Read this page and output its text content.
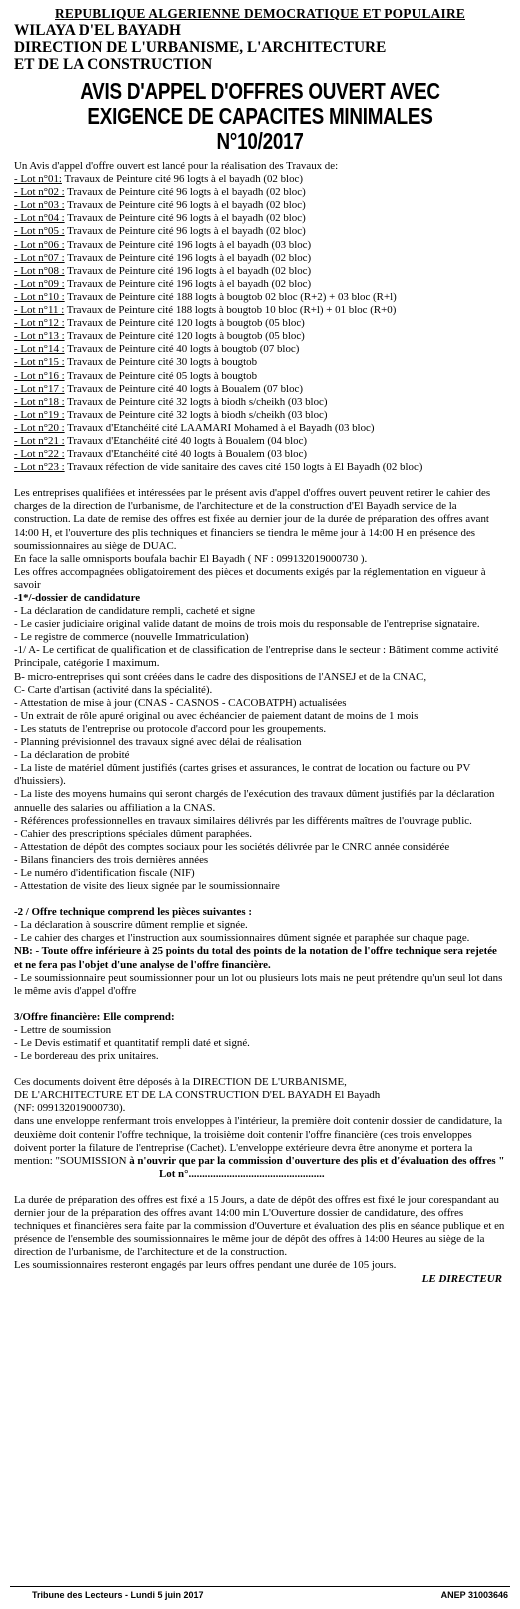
REPUBLIQUE ALGERIENNE DEMOCRATIQUE ET POPULAIRE
WILAYA D'EL BAYADH
DIRECTION DE L'URBANISME, L'ARCHITECTURE
ET DE LA CONSTRUCTION
AVIS D'APPEL D'OFFRES OUVERT AVEC
EXIGENCE DE CAPACITES MINIMALES
N°10/2017

Un Avis d'appel d'offre ouvert est lancé pour la réalisation des Travaux de:

- Lot n°01: Travaux de Peinture cité 96 logts à el bayadh (02 bloc)
- Lot n°02 : Travaux de Peinture cité 96 logts à el bayadh (02 bloc)
- Lot n°03 : Travaux de Peinture cité 96 logts à el bayadh (02 bloc)
- Lot n°04 : Travaux de Peinture cité 96 logts à el bayadh (02 bloc)
- Lot n°05 : Travaux de Peinture cité 96 logts à el bayadh (02 bloc)
- Lot n°06 : Travaux de Peinture cité 196 logts à el bayadh (03 bloc)
- Lot n°07 : Travaux de Peinture cité 196 logts à el bayadh (02 bloc)
- Lot n°08 : Travaux de Peinture cité 196 logts à el bayadh (02 bloc)
- Lot n°09 : Travaux de Peinture cité 196 logts à el bayadh (02 bloc)
- Lot n°10 : Travaux de Peinture cité 188 logts à bougtob 02 bloc (R+2) + 03 bloc (R+l)
- Lot n°11 : Travaux de Peinture cité 188 logts à bougtob 10 bloc (R+l) + 01 bloc (R+0)
- Lot n°12 : Travaux de Peinture cité 120 logts à bougtob (05 bloc)
- Lot n°13 : Travaux de Peinture cité 120 logts à bougtob (05 bloc)
- Lot n°14 : Travaux de Peinture cité 40 logts à bougtob (07 bloc)
- Lot n°15 : Travaux de Peinture cité 30 logts à bougtob
- Lot n°16 : Travaux de Peinture cité 05 logts à bougtob
- Lot n°17 : Travaux de Peinture cité 40 logts à Boualem (07 bloc)
- Lot n°18 : Travaux de Peinture cité 32 logts à biodh s/cheikh (03 bloc)
- Lot n°19 : Travaux de Peinture cité 32 logts à biodh s/cheikh (03 bloc)
- Lot n°20 : Travaux d'Etanchéité cité LAAMARI Mohamed à el Bayadh (03 bloc)
- Lot n°21 : Travaux d'Etanchéité cité 40 logts à Boualem (04 bloc)
- Lot n°22 : Travaux d'Etanchéité cité 40 logts à Boualem (03 bloc)
- Lot n°23 : Travaux réfection de vide sanitaire des caves cité 150 logts à El Bayadh (02 bloc)

Les entreprises qualifiées et intéressées par le présent avis d'appel d'offres ouvert peuvent retirer le cahier des charges de la direction de l'urbanisme, de l'architecture et de la construction d'El Bayadh service de la construction. La date de remise des offres est fixée au dernier jour de la durée de préparation des offres avant 14:00 H, et l'ouverture des plis techniques et financiers se tiendra le même jour à 14:00 H en présence des soumissionnaires au siège de DUAC.

En face la salle omnisports boufala bachir El Bayadh ( NF : 099132019000730 ).

Les offres accompagnées obligatoirement des pièces et documents exigés par la réglementation en vigueur à savoir

-1*/-dossier de candidature

- La déclaration de candidature rempli, cacheté et signe

- Le casier judiciaire original valide datant de moins de trois mois du responsable de l'entreprise signataire.

- Le registre de commerce (nouvelle Immatriculation)

-1/ A- Le certificat de qualification et de classification de l'entreprise dans le secteur : Bâtiment comme activité Principale, catégorie I maximum.

B- micro-entreprises qui sont créées dans le cadre des dispositions de l'ANSEJ et de la CNAC,

C- Carte d'artisan (activité dans la spécialité).

- Attestation de mise à jour (CNAS - CASNOS - CACOBATPH) actualisées

- Un extrait de rôle apuré original ou avec échéancier de paiement datant de moins de 1 mois

- Les statuts de l'entreprise ou protocole d'accord pour les groupements.

- Planning prévisionnel des travaux signé avec délai de réalisation

- La déclaration de probité

- La liste de matériel dûment justifiés (cartes grises et assurances, le contrat de location ou facture ou PV d'huissiers).

- La liste des moyens humains qui seront chargés de l'exécution des travaux dûment justifiés par la déclaration annuelle des salaries ou affiliation a la CNAS.

- Références professionnelles en travaux similaires délivrés par les différents maîtres de l'ouvrage public.

- Cahier des prescriptions spéciales dûment paraphées.

- Attestation de dépôt des comptes sociaux pour les sociétés délivrée par le CNRC année considérée

- Bilans financiers des trois dernières années

- Le numéro d'identification fiscale (NIF)

- Attestation de visite des lieux signée par le soumissionnaire

-2 / Offre technique comprend les pièces suivantes :

- La déclaration à souscrire dûment remplie et signée.

- Le cahier des charges et l'instruction aux soumissionnaires dûment signée et paraphée sur chaque page.

NB: - Toute offre inférieure à 25 points du total des points de la notation de l'offre technique sera rejetée et ne fera pas l'objet d'une analyse de l'offre financière.

- Le soumissionnaire peut soumissionner pour un lot ou plusieurs lots mais ne peut prétendre qu'un seul lot dans le même avis d'appel d'offre

3/Offre financière: Elle comprend:

- Lettre de soumission

- Le Devis estimatif et quantitatif rempli daté et signé.

- Le bordereau des prix unitaires.

Ces documents doivent être déposés à la DIRECTION DE L'URBANISME,

DE L'ARCHITECTURE ET DE LA CONSTRUCTION D'EL BAYADH El Bayadh

(NF: 099132019000730).

dans une enveloppe renfermant trois enveloppes à l'intérieur, la première doit contenir dossier de candidature, la deuxième doit contenir l'offre technique, la troisième doit contenir l'offre financière (ces trois enveloppes doivent porter la filature de l'entreprise (Cachet). L'enveloppe extérieure devra être anonyme et portera la mention: "SOUMISSION à n'ouvrir que par la commission d'ouverture des plis et d'évaluation des offres "

Lot n°..................................................

La durée de préparation des offres est fixé a 15 Jours, a date de dépôt des offres est fixé le jour corespandant au dernier jour de la préparation des offres avant 14:00 min L'Ouverture dossier de candidature, des offres techniques et financières sera faite par la commission d'Ouverture et évaluation des plis en séance publique et en présence de l'ensemble des soumissionnaires le même jour de dépôt des offres à 14:00 Heures au siège de la direction de l'urbanisme, de l'architecture et de la construction.

Les soumissionnaires resteront engagés par leurs offres pendant une durée de 105 jours.

LE DIRECTEUR

Tribune des Lecteurs - Lundi 5 juin 2017	ANEP 31003646
